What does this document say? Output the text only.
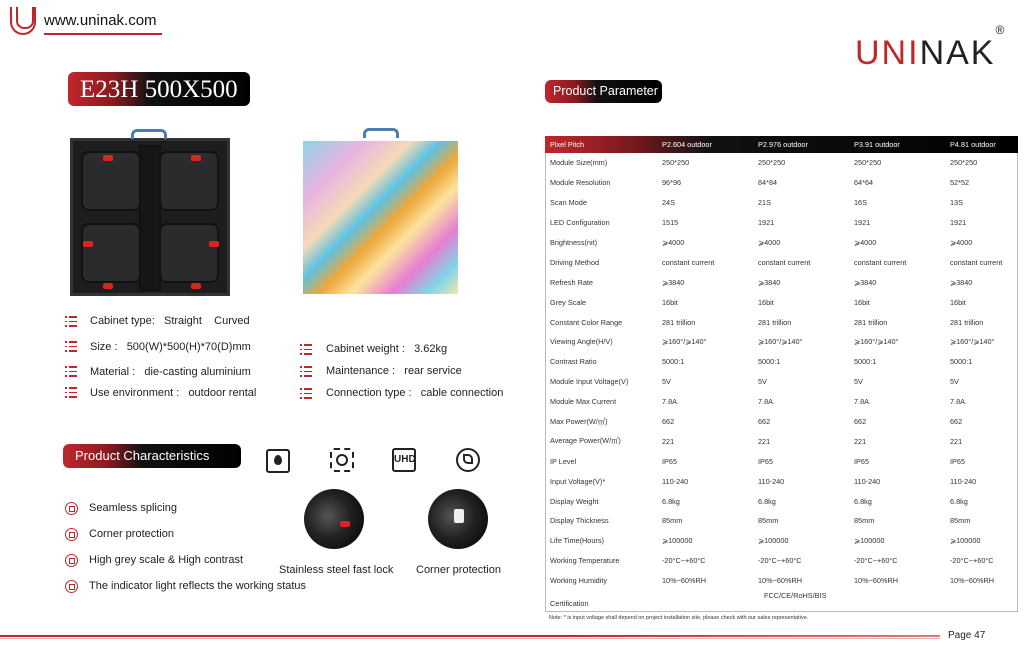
www.uninak.com
UNINAK®
E23H 500X500
Cabinet type: Straight    Curved
Size : 500(W)*500(H)*70(D)mm
Material : die-casting aluminium
Use environment : outdoor rental
Cabinet weight : 3.62kg
Maintenance : rear service
Connection type : cable connection
Product Characteristics	UHD
Seamless splicing
Corner protection
High grey scale & High contrast
The indicator light reflects the working status
Stainless steel fast lock Corner protection
Product Parameter
Pixel Pitch	P2.604 outdoor	P2.976 outdoor	P3.91 outdoor	P4.81 outdoor
Module Size(mm)	250*250	250*250	250*250	250*250
Module Resolution	96*96	84*84	64*64	52*52
Scan Mode	24S	21S	16S	13S
LED Configuration	1515	1921	1921	1921
Brightness(nit)	⩾4000	⩾4000	⩾4000	⩾4000
Driving Method	constant current	constant current	constant current	constant current
Refresh Rate	⩾3840	⩾3840	⩾3840	⩾3840
Grey Scale	16bit	16bit	16bit	16bit
Constant Color Range	281 trillion	281 trillion	281 trillion	281 trillion
Viewing Angle(H/V)	⩾160°/⩾140°	⩾160°/⩾140°	⩾160°/⩾140°	⩾160°/⩾140°
Contrast Ratio	5000:1	5000:1	5000:1	5000:1
Module Input Voltage(V)	5V	5V	5V	5V
Module Max Current	7.8A	7.8A	7.8A	7.8A
Max Power(W/㎡)	662	662	662	662
Average Power(W/㎡)	221	221	221	221
IP Level	IP65	IP65	IP65	IP65
Input Voltage(V)*	110-240	110-240	110-240	110-240
Display Weight	6.8kg	6.8kg	6.8kg	6.8kg
Display Thickness	85mm	85mm	85mm	85mm
Life Time(Hours)	⩾100000	⩾100000	⩾100000	⩾100000
Working Temperature	-20°C~+60°C	-20°C~+60°C	-20°C~+60°C	-20°C~+60°C
Working Humidity	10%~60%RH	10%~60%RH	10%~60%RH	10%~60%RH
Certification	FCC/CE/RoHS/BIS			
Note: * is input voltage shall depend on project installation site, please check with our sales representative.
Page 47
